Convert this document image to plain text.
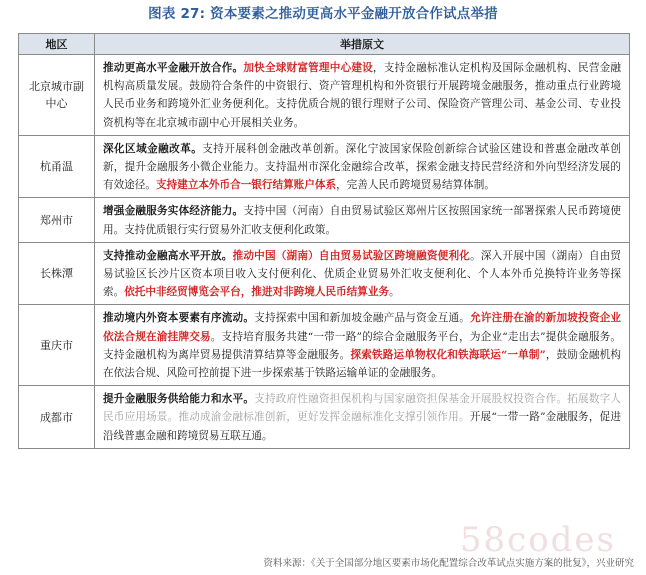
图表 27: 资本要素之推动更高水平金融开放合作试点举措
地区	举措原文
北京城市副中心	推动更高水平金融开放合作。加快全球财富管理中心建设，支持金融标准认定机构及国际金融机构、民营金融机构高质量发展。鼓励符合条件的中资银行、资产管理机构和外资银行开展跨境金融服务，推动重点行业跨境人民币业务和跨境外汇业务便利化。支持优质合规的银行理财子公司、保险资产管理公司、基金公司、专业投资机构等在北京城市副中心开展相关业务。
杭甬温	深化区域金融改革。支持开展科创金融改革创新。深化宁波国家保险创新综合试验区建设和普惠金融改革创新，提升金融服务小微企业能力。支持温州市深化金融综合改革，探索金融支持民营经济和外向型经济发展的有效途径。支持建立本外币合一银行结算账户体系，完善人民币跨境贸易结算体制。
郑州市	增强金融服务实体经济能力。支持中国（河南）自由贸易试验区郑州片区按照国家统一部署探索人民币跨境使用。支持优质银行实行贸易外汇收支便利化政策。
长株潭	支持推动金融高水平开放。推动中国（湖南）自由贸易试验区跨境融资便利化。深入开展中国（湖南）自由贸易试验区长沙片区资本项目收入支付便利化、优质企业贸易外汇收支便利化、个人本外币兑换特许业务等探索。依托中非经贸博览会平台，推进对非跨境人民币结算业务。
重庆市	推动境内外资本要素有序流动。支持探索中国和新加坡金融产品与资金互通。允许注册在渝的新加坡投资企业依法合规在渝挂牌交易。支持培育服务共建“一带一路”的综合金融服务平台，为企业“走出去”提供金融服务。支持金融机构为离岸贸易提供清算结算等金融服务。探索铁路运单物权化和铁海联运“一单制”，鼓励金融机构在依法合规、风险可控前提下进一步探索基于铁路运输单证的金融服务。
成都市	提升金融服务供给能力和水平。支持政府性融资担保机构与国家融资担保基金开展股权投资合作。拓展数字人民币应用场景。推动成渝金融标准创新，更好发挥金融标准化支撑引领作用。开展“一带一路”金融服务，促进沿线普惠金融和跨境贸易互联互通。
58codes
资料来源：《关于全国部分地区要素市场化配置综合改革试点实施方案的批复》，兴业研究
